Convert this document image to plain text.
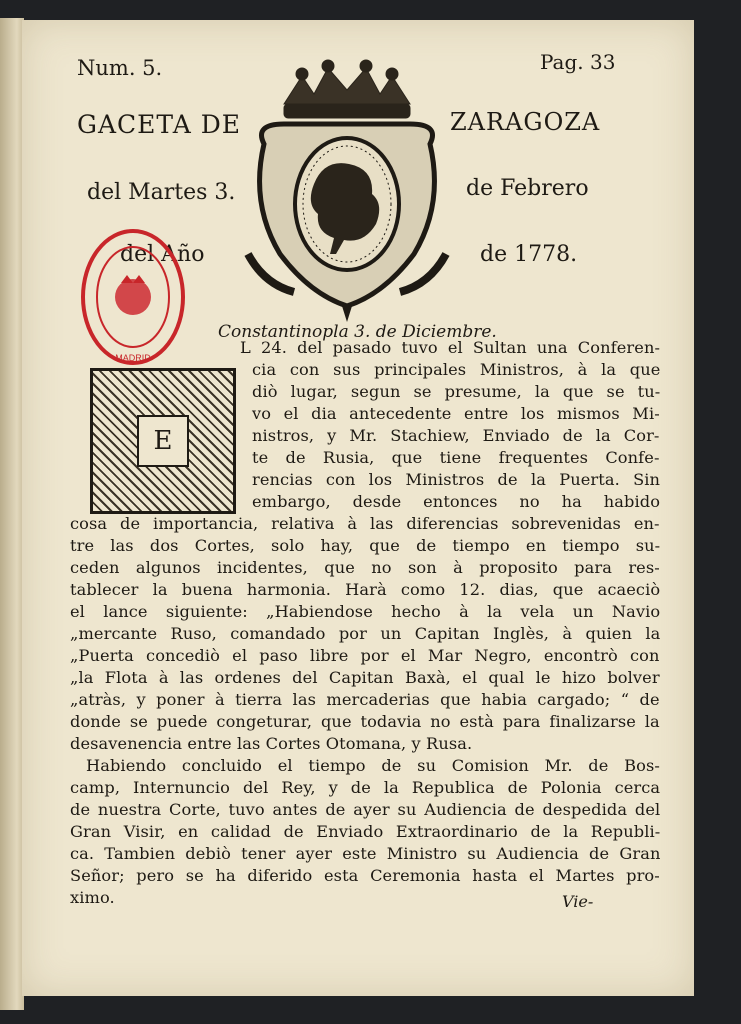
Num. 5.	Pag. 33
GACETA DE	ZARAGOZA
del Martes 3.	de Febrero
del Año	de 1778.
MADRID
Constantinopla 3. de Diciembre.
E
L 24. del pasado tuvo el Sultan una Conferen-
cia con sus principales Ministros, à la que
diò lugar, segun se presume, la que se tu-
vo el dia antecedente entre los mismos Mi-
nistros, y Mr. Stachiew, Enviado de la Cor-
te de Rusia, que tiene frequentes Confe-
rencias con los Ministros de la Puerta. Sin
embargo, desde entonces no ha habido
cosa de importancia, relativa à las diferencias sobrevenidas en-
tre las dos Cortes, solo hay, que de tiempo en tiempo su-
ceden algunos incidentes, que no son à proposito para res-
tablecer la buena harmonia. Harà como 12. dias, que acaeciò
el lance siguiente: „Habiendose hecho à la vela un Navio
„mercante Ruso, comandado por un Capitan Inglès, à quien la
„Puerta concediò el paso libre por el Mar Negro, encontrò con
„la Flota à las ordenes del Capitan Baxà, el qual le hizo bolver
„atràs, y poner à tierra las mercaderias que habia cargado; “ de
donde se puede congeturar, que todavia no està para finalizarse la
desavenencia entre las Cortes Otomana, y Rusa.
Habiendo concluido el tiempo de su Comision Mr. de Bos-
camp, Internuncio del Rey, y de la Republica de Polonia cerca
de nuestra Corte, tuvo antes de ayer su Audiencia de despedida del
Gran Visir, en calidad de Enviado Extraordinario de la Republi-
ca. Tambien debiò tener ayer este Ministro su Audiencia de Gran
Señor; pero se ha diferido esta Ceremonia hasta el Martes pro-
ximo.	Vie-
